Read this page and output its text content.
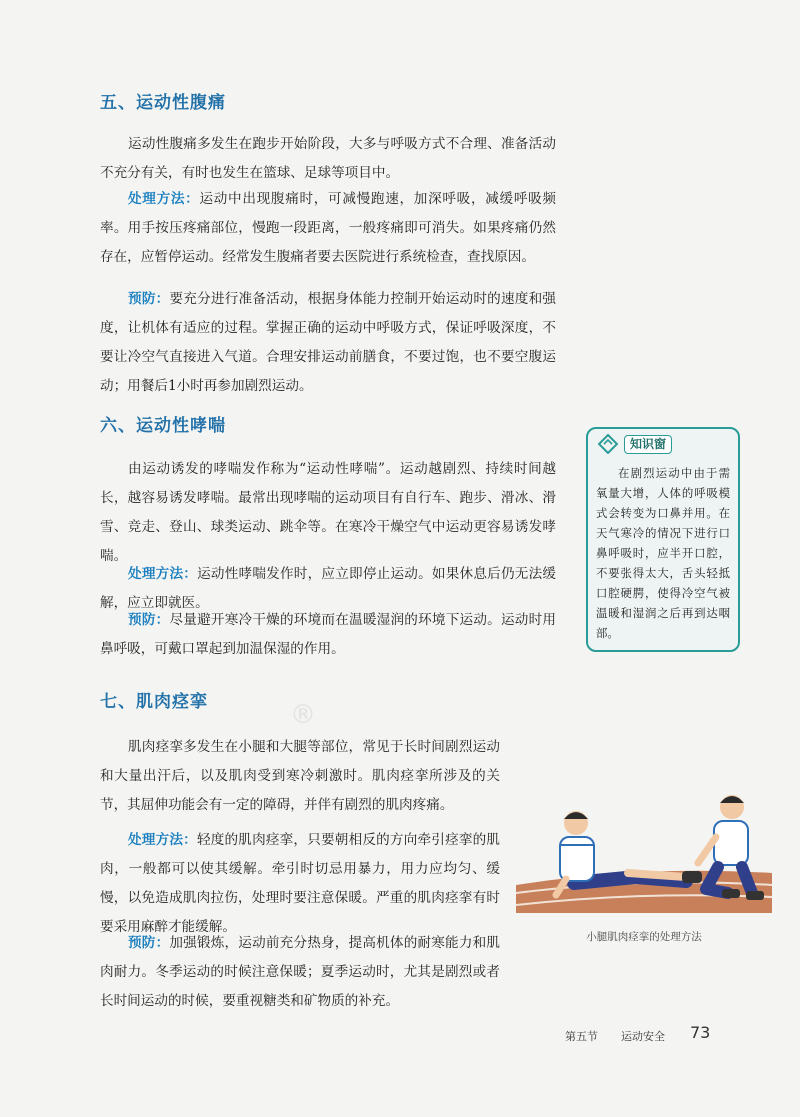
五、运动性腹痛

运动性腹痛多发生在跑步开始阶段，大多与呼吸方式不合理、准备活动不充分有关，有时也发生在篮球、足球等项目中。

处理方法：运动中出现腹痛时，可减慢跑速，加深呼吸，减缓呼吸频率。用手按压疼痛部位，慢跑一段距离，一般疼痛即可消失。如果疼痛仍然存在，应暂停运动。经常发生腹痛者要去医院进行系统检查，查找原因。

预防：要充分进行准备活动，根据身体能力控制开始运动时的速度和强度，让机体有适应的过程。掌握正确的运动中呼吸方式，保证呼吸深度，不要让冷空气直接进入气道。合理安排运动前膳食，不要过饱，也不要空腹运动；用餐后1小时再参加剧烈运动。

六、运动性哮喘

由运动诱发的哮喘发作称为“运动性哮喘”。运动越剧烈、持续时间越长，越容易诱发哮喘。最常出现哮喘的运动项目有自行车、跑步、滑冰、滑雪、竞走、登山、球类运动、跳伞等。在寒冷干燥空气中运动更容易诱发哮喘。

处理方法：运动性哮喘发作时，应立即停止运动。如果休息后仍无法缓解，应立即就医。

预防：尽量避开寒冷干燥的环境而在温暖湿润的环境下运动。运动时用鼻呼吸，可戴口罩起到加温保湿的作用。

知识窗

在剧烈运动中由于需氧量大增，人体的呼吸模式会转变为口鼻并用。在天气寒冷的情况下进行口鼻呼吸时，应半开口腔，不要张得太大，舌头轻抵口腔硬腭，使得冷空气被温暖和湿润之后再到达咽部。

七、肌肉痉挛	®

肌肉痉挛多发生在小腿和大腿等部位，常见于长时间剧烈运动和大量出汗后，以及肌肉受到寒冷刺激时。肌肉痉挛所涉及的关节，其屈伸功能会有一定的障碍，并伴有剧烈的肌肉疼痛。

处理方法：轻度的肌肉痉挛，只要朝相反的方向牵引痉挛的肌肉，一般都可以使其缓解。牵引时切忌用暴力，用力应均匀、缓慢，以免造成肌肉拉伤，处理时要注意保暖。严重的肌肉痉挛有时要采用麻醉才能缓解。

预防：加强锻炼，运动前充分热身，提高机体的耐寒能力和肌肉耐力。冬季运动的时候注意保暖；夏季运动时，尤其是剧烈或者长时间运动的时候，要重视糖类和矿物质的补充。

小腿肌肉痉挛的处理方法
第五节 运动安全 73
